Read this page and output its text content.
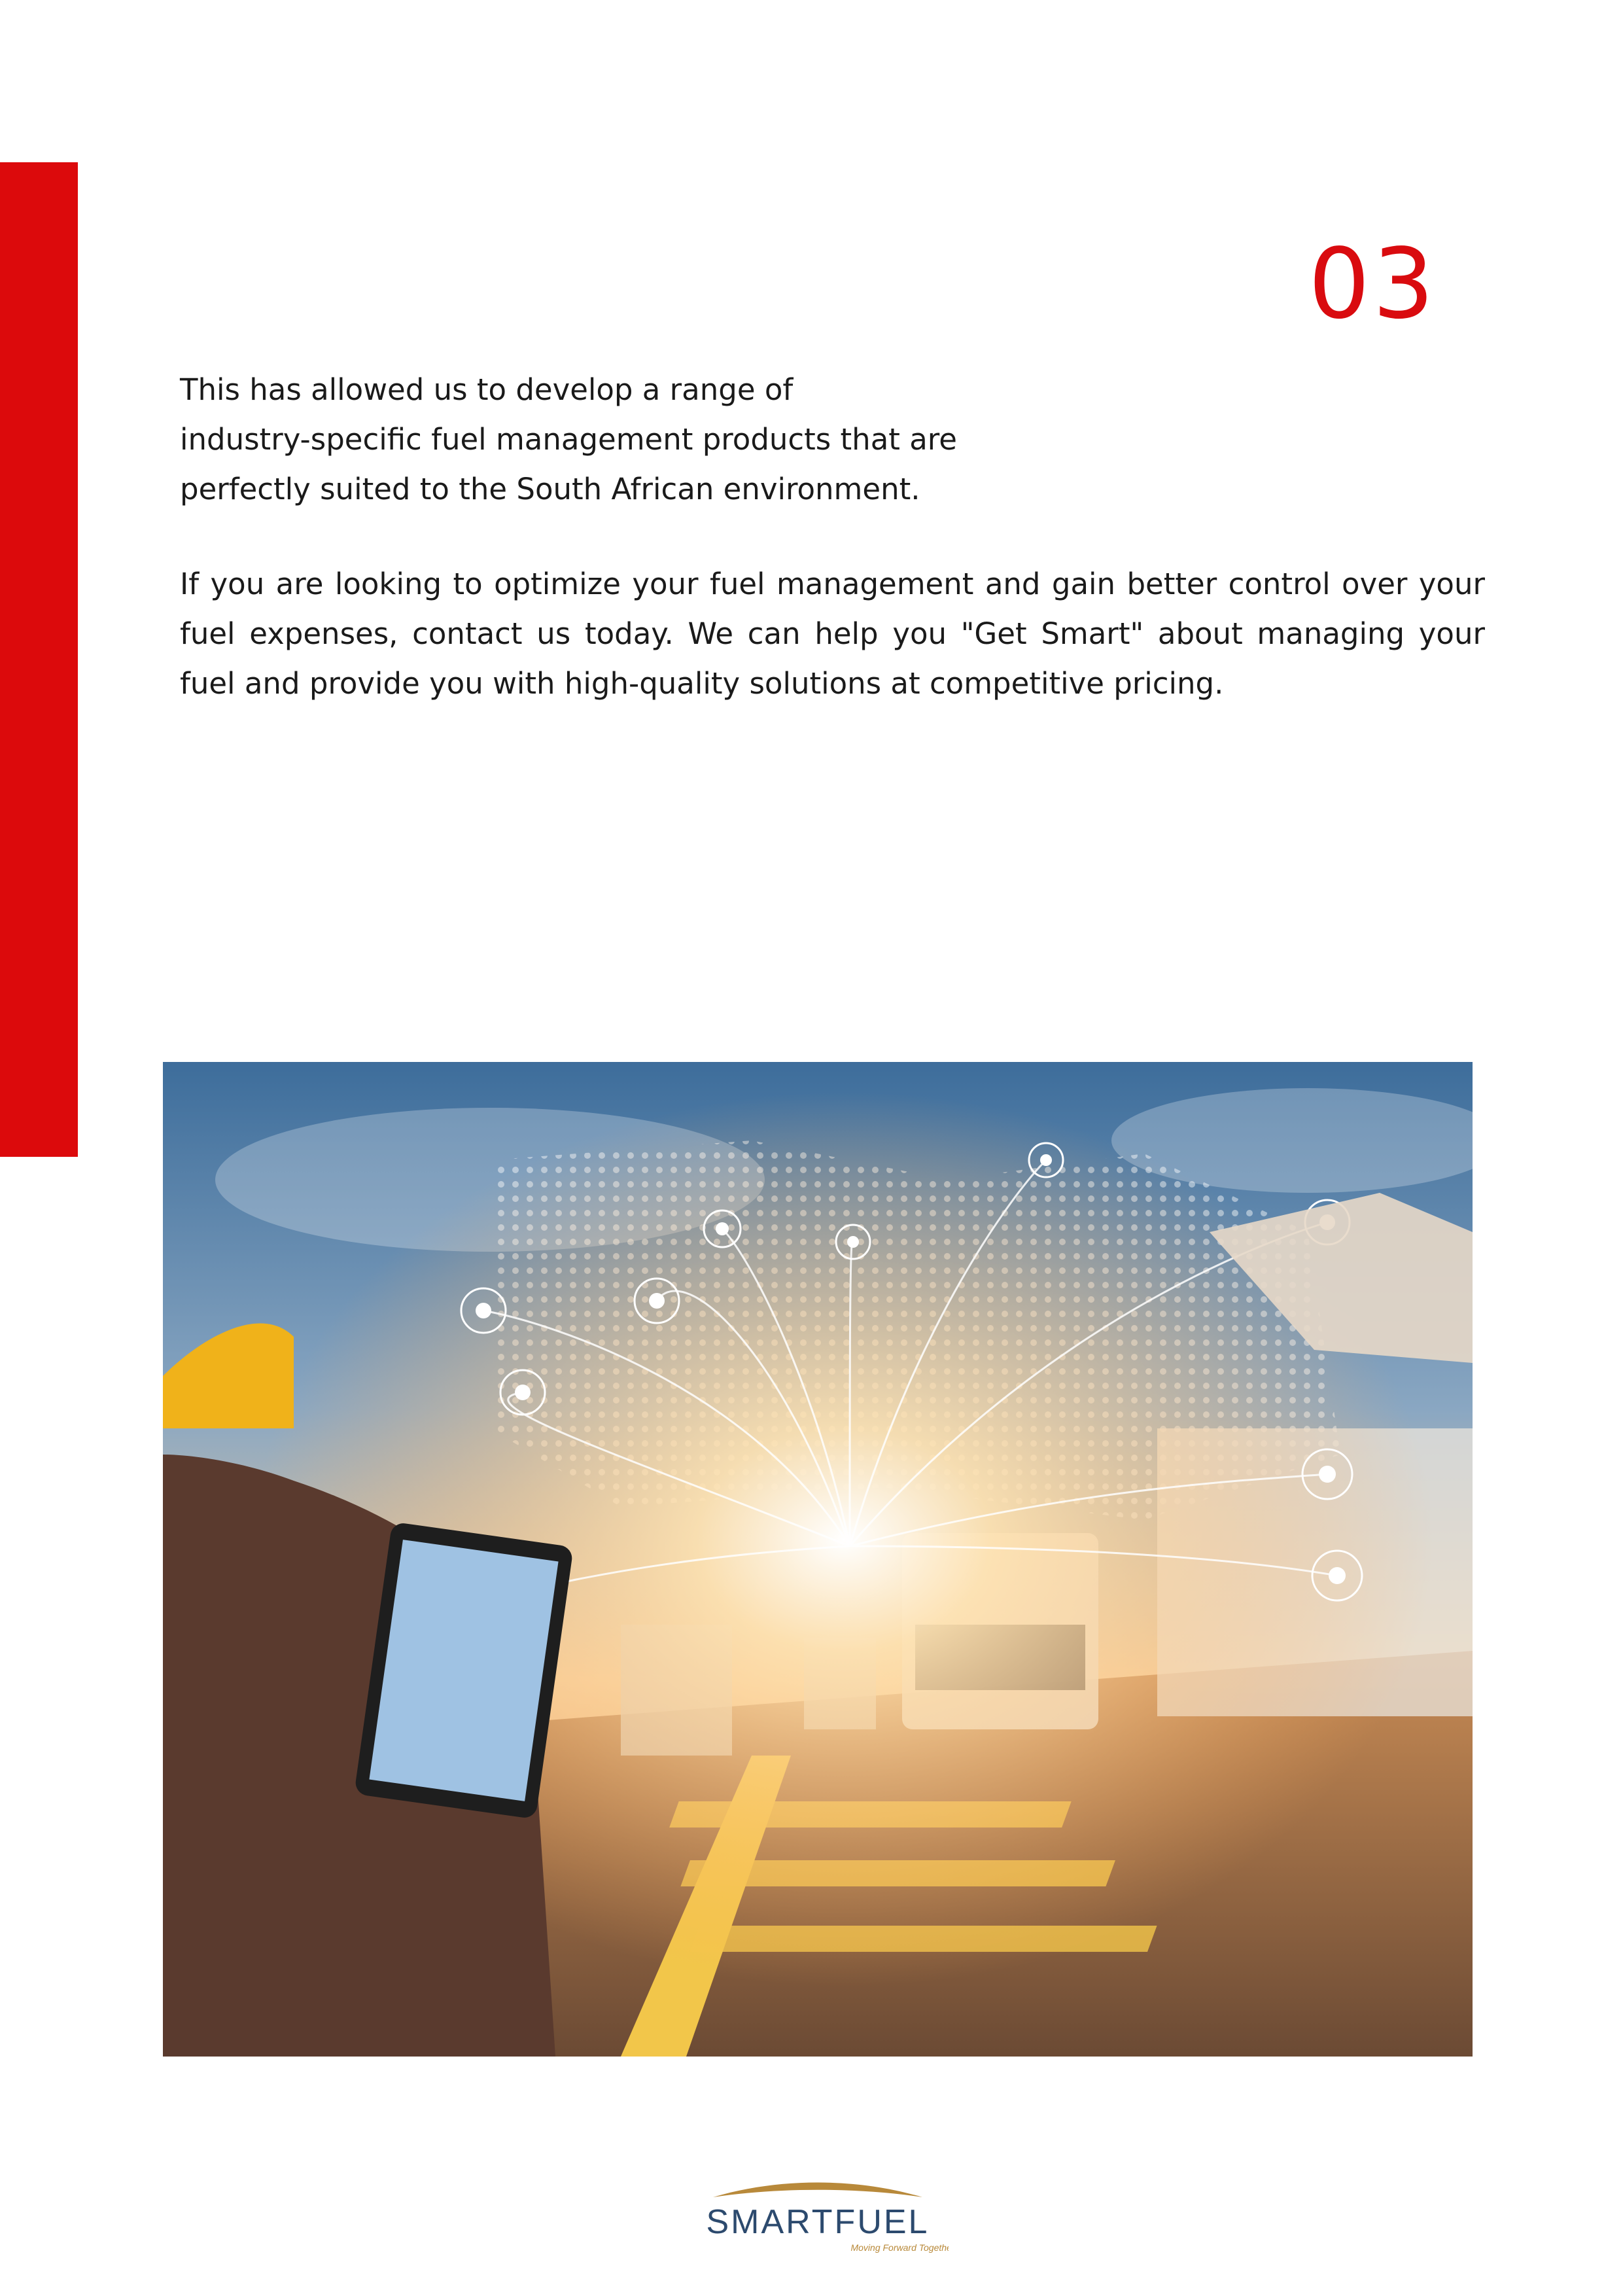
03
This has allowed us to develop a range of
industry-specific fuel management products that are
perfectly suited to the South African environment.
If you are looking to optimize your fuel management and gain better control over your fuel expenses, contact us today. We can help you "Get Smart" about managing your fuel and provide you with high-quality solutions at competitive pricing.
SMARTFUEL
Moving Forward Together
